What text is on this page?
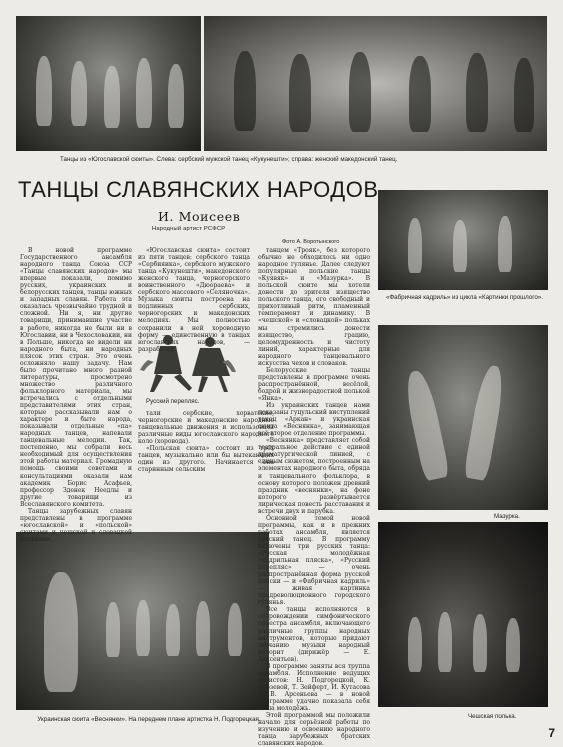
Танцы из «Югославской сюиты». Слева: сербский мужской танец «Кукунешти»; справа: женский македонский танец.
ТАНЦЫ СЛАВЯНСКИХ НАРОДОВ
И. Моисеев
Народный артист РСФСР
Фото А. Воротынского
«Фабричная кадриль» из цикла «Картинки прошлого».
Мазурка.
Чешская полька.
Украинская сюита «Веснянки». На переднем плане артистка Н. Подгорецкая.
Русский перепляс.

В новой программе Государственного ансамбля народного танца Союза ССР «Танцы славянских народов» мы впервые показали, помимо русских, украинских и белорусских танцев, танцы южных и западных славян. Работа эта оказалась чрезвычайно трудной и сложной. Ни я, ни другие товарищи, принимавшие участие в работе, никогда не были ни в Югославии, ни в Чехословакии, ни в Польше, никогда не видели ни народного быта, ни народных плясок этих стран. Это очень осложняло нашу задачу. Нам было прочитано много разной литературы, просмотрено множество различного фольклорного материала, мы встречались с отдельными представителями этих стран, которые рассказывали нам о характере и быте народа, показывали отдельные «па» народных танцев, напевали танцевальные мелодии. Так, постепенно, мы собрали весь необходимый для осуществления этой работы материал. Громадную помощь своими советами и консультациями оказали нам академик Борис Асафьев, профессор Зденек Неедлы и другие товарищи из Всеславянского комитета.

Танцы зарубежных славян представлены в программе «югославской» и «польской» сюитами и чешской и словацкой польками.

«Югославская сюита» состоит из пяти танцев: сербского танца «Сербияика», сербского мужского танца «Кукунешти», македонского женского танца, черногорского воинственного «Дюораева» и сербского массового «Селяночка». Музыка сюиты построена на подлинных сербских, черногорских и македонских мелодиях. Мы полностью сохранили в ней хороводную форму — единственную в танцах югославских народов, — разработав

тали сербские, хорватские, черногорские и македонские народные танцевальные движения и использовали различные виды югославского народного коло (хоровода).

«Польская сюита» состоит из трёх танцев, музыкально или бы вытекающих один из другого. Начинается она старинным сельским

танцем «Трояк», без которого обычно не обходилось ни одно народное гулянье. Далее следуют популярные польские танцы «Куявяк» и «Мазурка». В польской сюите мы хотели донести до зрителя изящество польского танца, его свободный и прихотливый ритм, пламенный темперамент и динамику. В «чешской» и «словацкой» польках мы стремились донести изящество, грацию, целомудренность и чистоту линий, характерные для народного танцевального искусства чехов и словаков.

Белорусские танцы представлены в программе очень распространённой, весёлой, бодрой и жизнерадостной полькой «Янка».

Из украинских танцев нами показаны гуцульский виступлений танец «Аркан» и украинская сюита «Веснянка», занимающая всё второе отделение программы.

«Веснянка» представляет собой театральное действие с единой драматургической линией, с единым сюжетом, построенным на элементах народного быта, обряда и танцевального фольклора, в основу которого положен древний праздник «веснянки», на фоне которого развёртывается лирическая повесть расставания и встречи двух и парубка.

Основной темой новой программы, как и в прежних работах ансамбля, является русский танец. В программу включены три русских танца: «Русская молодёжная «кадрильная пляска», «Русский перепляс» — очень распространённая форма русской пляски — и «Фабричная кадриль» — живая картинка предреволюционного городского гулянья.

Все танцы исполняются в сопровождении симфонического оркестра ансамбля, включающего различные группы народных инструментов, которые придают звучанию музыки народный колорит (дирижёр — Е. Авксентьев).

В программе заняты вся труппа ансамбля. Исполнение ведущих солистов: Н. Подгорецкой, К. Кобзевой, Т. Зейферт, И. Кутасова и В. Арсеньева — в новой программе удачно показала себя наша молодёжь.

Этой программой мы положили начало для серьёзной работы по изучению и освоению народного танца зарубежных братских славянских народов.

7
